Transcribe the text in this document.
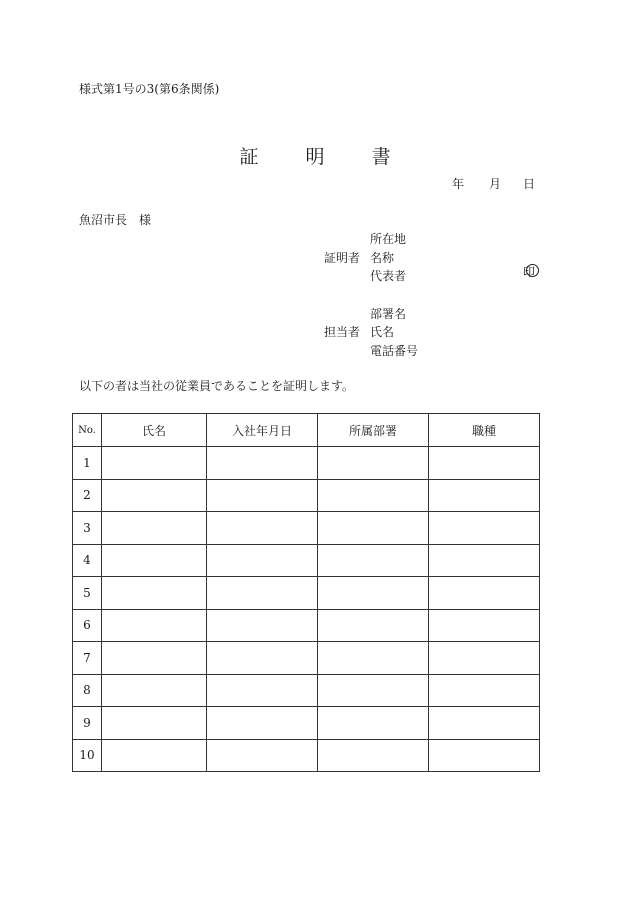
様式第1号の3(第6条関係)
証　明　書
年 月 日
魚沼市長　様
所在地
証明者 名称
代表者	印
部署名
担当者 氏名
電話番号
以下の者は当社の従業員であることを証明します。
No.	氏名	入社年月日	所属部署	職種
1				
2				
3				
4				
5				
6				
7				
8				
9				
10				
